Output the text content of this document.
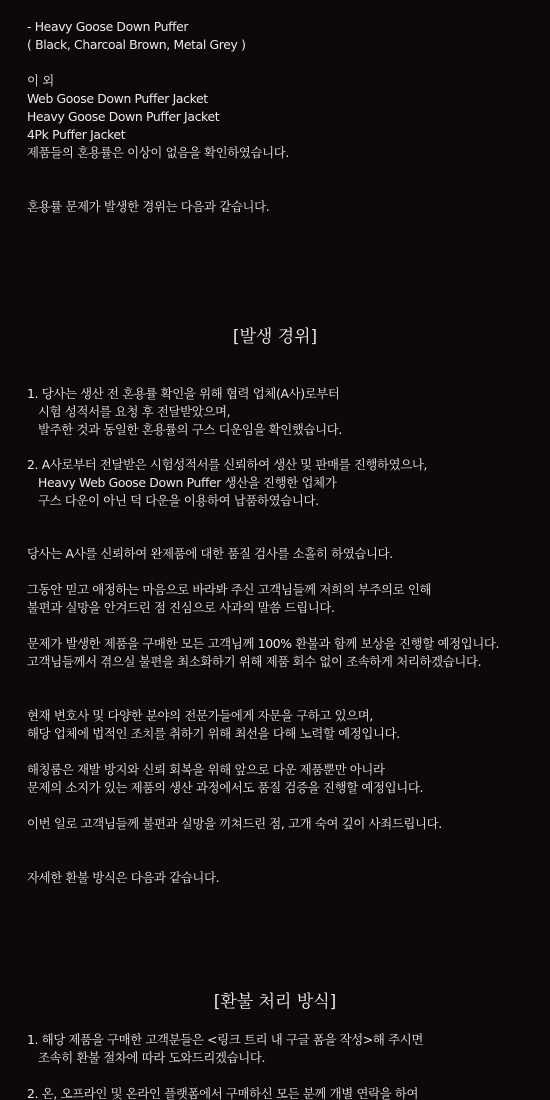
- Heavy Goose Down Puffer
( Black, Charcoal Brown, Metal Grey )
이 외
Web Goose Down Puffer Jacket
Heavy Goose Down Puffer Jacket
4Pk Puffer Jacket
제품들의 혼용률은 이상이 없음을 확인하였습니다.
혼용률 문제가 발생한 경위는 다음과 같습니다.
[발생 경위]
1. 당사는 생산 전 혼용률 확인을 위해 협력 업체(A사)로부터
시험 성적서를 요청 후 전달받았으며,
발주한 것과 동일한 혼용률의 구스 디운임을 확인했습니다.
2. A사로부터 전달받은 시험성적서를 신뢰하여 생산 및 판매를 진행하였으나,
Heavy Web Goose Down Puffer 생산을 진행한 업체가
구스 다운이 아닌 덕 다운을 이용하여 납품하였습니다.
당사는 A사를 신뢰하여 완제품에 대한 품질 검사를 소홀히 하였습니다.
그동안 믿고 애정하는 마음으로 바라봐 주신 고객님들께 저희의 부주의로 인해
불편과 실망을 안겨드린 점 진심으로 사과의 말씀 드립니다.
문제가 발생한 제품을 구매한 모든 고객님께 100% 환불과 함께 보상을 진행할 예정입니다.
고객님들께서 겪으실 불편을 최소화하기 위해 제품 회수 없이 조속하게 처리하겠습니다.
현재 변호사 및 다양한 분야의 전문가들에게 자문을 구하고 있으며,
해당 업체에 법적인 조치를 취하기 위해 최선을 다해 노력할 예정입니다.
해칭룸은 재발 방지와 신뢰 회복을 위해 앞으로 다운 제품뿐만 아니라
문제의 소지가 있는 제품의 생산 과정에서도 품질 검증을 진행할 예정입니다.
이번 일로 고객님들께 불편과 실망을 끼쳐드린 점, 고개 숙여 깊이 사죄드립니다.
자세한 환불 방식은 다음과 같습니다.
[환불 처리 방식]
1. 해당 제품을 구매한 고객분들은 <링크 트리 내 구글 폼을 작성>해 주시면
조속히 환불 절차에 따라 도와드리겠습니다.
2. 온, 오프라인 및 온라인 플랫폼에서 구매하신 모든 분께 개별 연락을 하여
